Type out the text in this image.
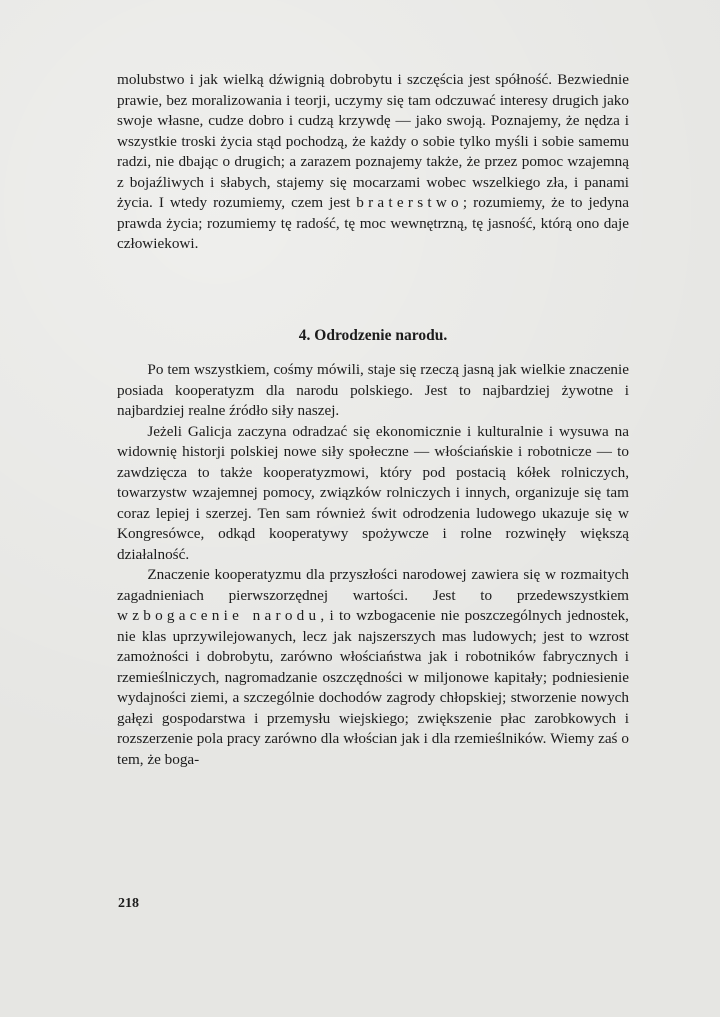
molubstwo i jak wielką dźwignią dobrobytu i szczęścia jest spółność. Bezwiednie prawie, bez moralizowania i teorji, uczymy się tam odczuwać interesy drugich jako swoje własne, cudze dobro i cudzą krzywdę — jako swoją. Poznajemy, że nędza i wszystkie troski życia stąd pochodzą, że każdy o sobie tylko myśli i sobie samemu radzi, nie dbając o drugich; a zarazem poznajemy także, że przez pomoc wzajemną z bojaźliwych i słabych, stajemy się mocarzami wobec wszelkiego zła, i panami życia. I wtedy rozumiemy, czem jest braterstwo; rozumiemy, że to jedyna prawda życia; rozumiemy tę radość, tę moc wewnętrzną, tę jasność, którą ono daje człowiekowi.

4. Odrodzenie narodu.

Po tem wszystkiem, cośmy mówili, staje się rzeczą jasną jak wielkie znaczenie posiada kooperatyzm dla narodu polskiego. Jest to najbardziej żywotne i najbardziej realne źródło siły naszej.

Jeżeli Galicja zaczyna odradzać się ekonomicznie i kulturalnie i wysuwa na widownię historji polskiej nowe siły społeczne — włościańskie i robotnicze — to zawdzięcza to także kooperatyzmowi, który pod postacią kółek rolniczych, towarzystw wzajemnej pomocy, związków rolniczych i innych, organizuje się tam coraz lepiej i szerzej. Ten sam również świt odrodzenia ludowego ukazuje się w Kongresówce, odkąd kooperatywy spożywcze i rolne rozwinęły większą działalność.

Znaczenie kooperatyzmu dla przyszłości narodowej zawiera się w rozmaitych zagadnieniach pierwszorzędnej wartości. Jest to przedewszystkiem wzbogacenie narodu, i to wzbogacenie nie poszczególnych jednostek, nie klas uprzywilejowanych, lecz jak najszerszych mas ludowych; jest to wzrost zamożności i dobrobytu, zarówno włościaństwa jak i robotników fabrycznych i rzemieślniczych, nagromadzanie oszczędności w miljonowe kapitały; podniesienie wydajności ziemi, a szczególnie dochodów zagrody chłopskiej; stworzenie nowych gałęzi gospodarstwa i przemysłu wiejskiego; zwiększenie płac zarobkowych i rozszerzenie pola pracy zarówno dla włościan jak i dla rzemieślników. Wiemy zaś o tem, że boga-

218
